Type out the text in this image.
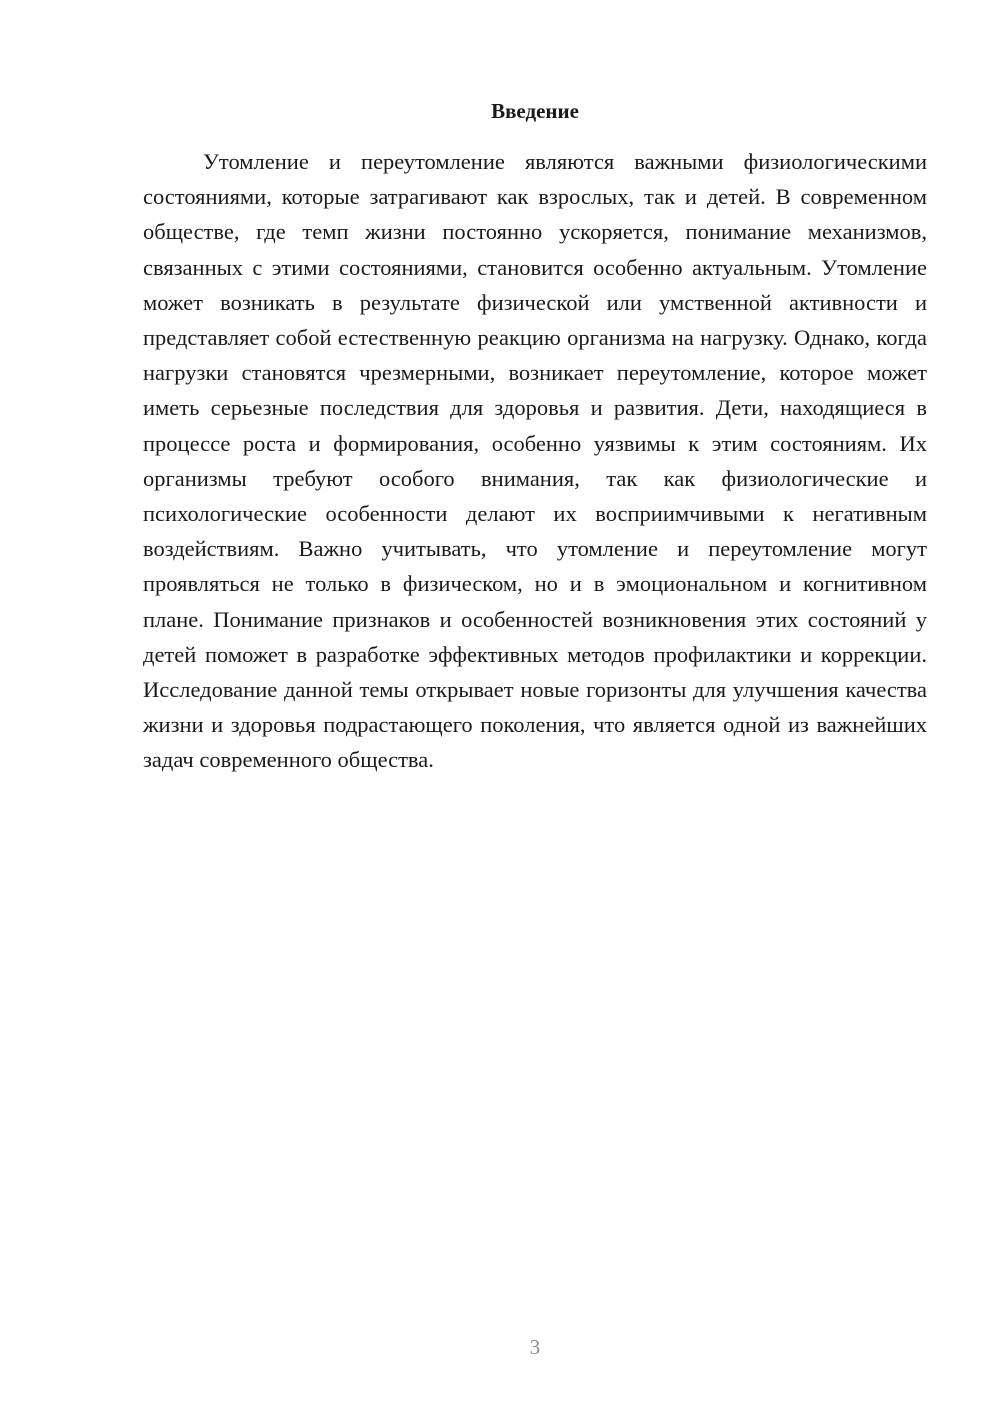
Введение

Утомление и переутомление являются важными физиологическими состояниями, которые затрагивают как взрослых, так и детей. В современном обществе, где темп жизни постоянно ускоряется, понимание механизмов, связанных с этими состояниями, становится особенно актуальным. Утомление может возникать в результате физической или умственной активности и представляет собой естественную реакцию организма на нагрузку. Однако, когда нагрузки становятся чрезмерными, возникает переутомление, которое может иметь серьезные последствия для здоровья и развития. Дети, находящиеся в процессе роста и формирования, особенно уязвимы к этим состояниям. Их организмы требуют особого внимания, так как физиологические и психологические особенности делают их восприимчивыми к негативным воздействиям. Важно учитывать, что утомление и переутомление могут проявляться не только в физическом, но и в эмоциональном и когнитивном плане. Понимание признаков и особенностей возникновения этих состояний у детей поможет в разработке эффективных методов профилактики и коррекции. Исследование данной темы открывает новые горизонты для улучшения качества жизни и здоровья подрастающего поколения, что является одной из важнейших задач современного общества.

3
